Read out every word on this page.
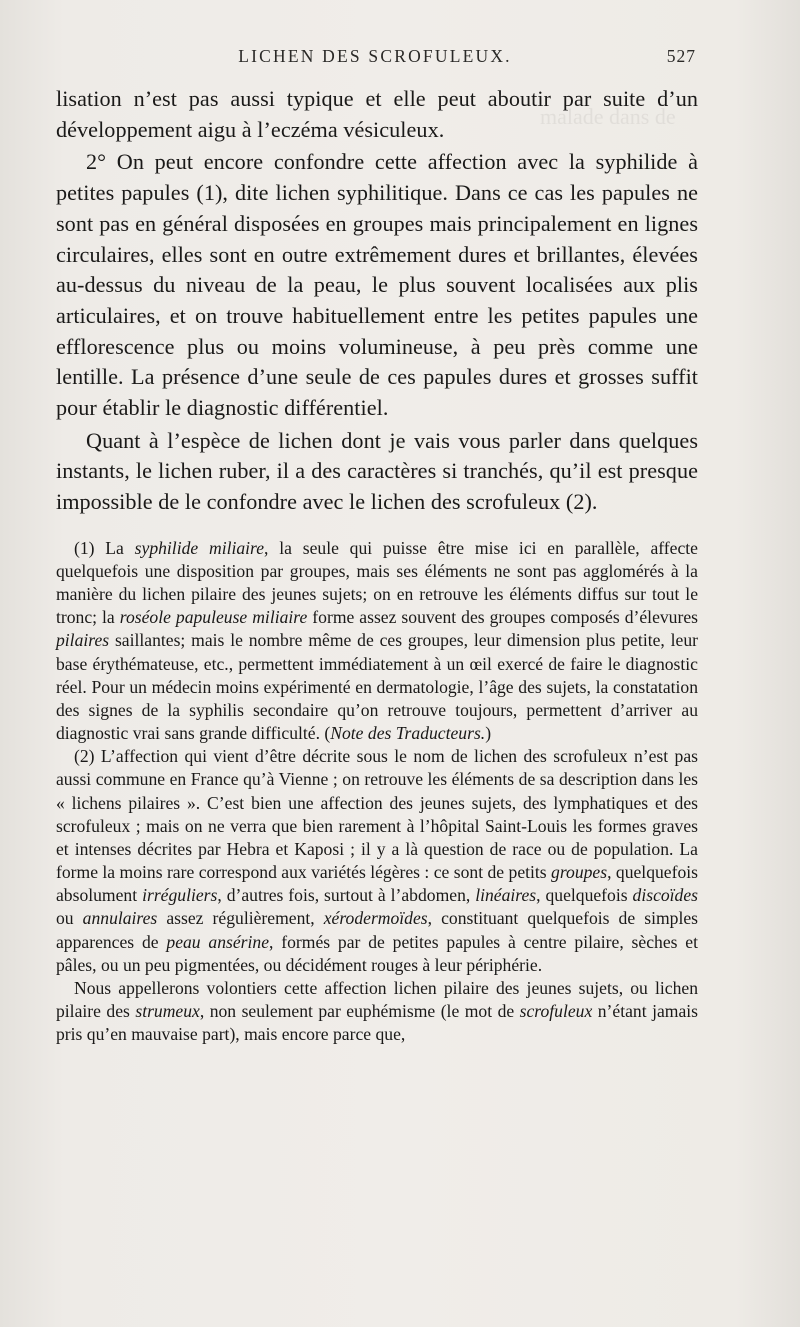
malade dans de
LICHEN DES SCROFULEUX.	527

lisation n’est pas aussi typique et elle peut aboutir par suite d’un développement aigu à l’eczéma vésiculeux.

2° On peut encore confondre cette affection avec la syphilide à petites papules (1), dite lichen syphilitique. Dans ce cas les papules ne sont pas en général disposées en groupes mais principalement en lignes circulaires, elles sont en outre extrêmement dures et brillantes, élevées au-dessus du niveau de la peau, le plus souvent localisées aux plis articulaires, et on trouve habituellement entre les petites papules une efflorescence plus ou moins volumineuse, à peu près comme une lentille. La présence d’une seule de ces papules dures et grosses suffit pour établir le diagnostic différentiel.

Quant à l’espèce de lichen dont je vais vous parler dans quelques instants, le lichen ruber, il a des caractères si tranchés, qu’il est presque impossible de le confondre avec le lichen des scrofuleux (2).

(1) La syphilide miliaire, la seule qui puisse être mise ici en parallèle, affecte quelquefois une disposition par groupes, mais ses éléments ne sont pas agglomérés à la manière du lichen pilaire des jeunes sujets; on en retrouve les éléments diffus sur tout le tronc; la roséole papuleuse miliaire forme assez souvent des groupes composés d’élevures pilaires saillantes; mais le nombre même de ces groupes, leur dimension plus petite, leur base érythémateuse, etc., permettent immédiatement à un œil exercé de faire le diagnostic réel. Pour un médecin moins expérimenté en dermatologie, l’âge des sujets, la constatation des signes de la syphilis secondaire qu’on retrouve toujours, permettent d’arriver au diagnostic vrai sans grande difficulté. (Note des Traducteurs.)

(2) L’affection qui vient d’être décrite sous le nom de lichen des scrofuleux n’est pas aussi commune en France qu’à Vienne ; on retrouve les éléments de sa description dans les « lichens pilaires ». C’est bien une affection des jeunes sujets, des lymphatiques et des scrofuleux ; mais on ne verra que bien rarement à l’hôpital Saint-Louis les formes graves et intenses décrites par Hebra et Kaposi ; il y a là question de race ou de population. La forme la moins rare correspond aux variétés légères : ce sont de petits groupes, quelquefois absolument irréguliers, d’autres fois, surtout à l’abdomen, linéaires, quelquefois discoïdes ou annulaires assez régulièrement, xérodermoïdes, constituant quelquefois de simples apparences de peau ansérine, formés par de petites papules à centre pilaire, sèches et pâles, ou un peu pigmentées, ou décidément rouges à leur périphérie.

Nous appellerons volontiers cette affection lichen pilaire des jeunes sujets, ou lichen pilaire des strumeux, non seulement par euphémisme (le mot de scrofuleux n’étant jamais pris qu’en mauvaise part), mais encore parce que,
